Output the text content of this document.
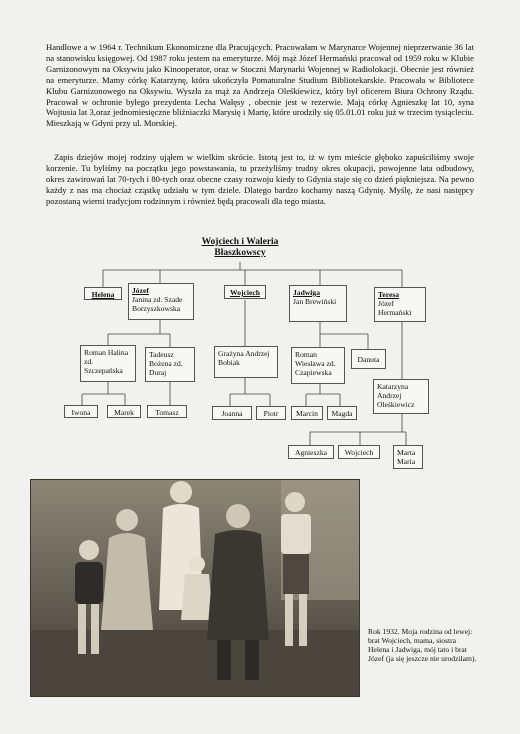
Handlowe a w 1964 r. Technikum Ekonomiczne dla Pracujących. Pracowałam w Marynarce Wojennej nieprzerwanie 36 lat na stanowisku księgowej. Od 1987 roku jestem na emeryturze. Mój mąż Józef Hermański pracował od 1959 roku w Klubie Garnizonowym na Oksywiu jako Kinooperator, oraz w Stoczni Marynarki Wojennej w Radiolokacji. Obecnie jest również na emeryturze. Mamy córkę Katarzynę, która ukończyła Pomaturalne Studium Bibliotekarskie. Pracowała w Bibliotece Klubu Garnizonowego na Oksywiu. Wyszła za mąż za Andrzeja Oleśkiewicz, który był oficerem Biura Ochrony Rządu. Pracował w ochronie byłego prezydenta Lecha Wałęsy , obecnie jest w rezerwie. Mają córkę Agnieszkę lat 10, syna Wojtusia lat 3,oraz jednomiesięczne bliźniaczki Marysię i Martę, które urodziły się 05.01.01 roku już w trzecim tysiącleciu. Mieszkają w Gdyni przy ul. Morskiej.

Zapis dziejów mojej rodziny ująłem w wielkim skrócie. Istotą jest to, iż w tym mieście głęboko zapuściliśmy swoje korzenie. Tu byliśmy na początku jego powstawania, tu przeżyliśmy trudny okres okupacji, powojenne lata odbudowy, okres zawirowań lat 70-tych i 80-tych oraz obecne czasy rozwoju kiedy to Gdynia staje się co dzień piękniejsza. Na pewno każdy z nas ma chociaż cząstkę udziału w tym dziele. Dlatego bardzo kochamy naszą Gdynię. Myślę, że nasi następcy pozostaną wierni tradycjom rodzinnym i również będą pracowali dla tego miasta.

Wojciech i Waleria
Błaszkowscy
Helena	Józef
Janina zd. Szade Borzyszkowska
Wojciech	Jadwiga
Jan Brewiński
Teresa
Józef Hermański
Roman Halina zd. Szczepańska
Tadeusz Bożena zd. Duraj
Grażyna Andrzej Bobiak
Roman Wiesława zd. Czapiewska
Danuta
Katarzyna Andrzej Oleśkiewicz
Iwona	Marek	Tomasz	Joanna	Piotr	Marcin	Magda
Agnieszka	Wojciech	Marta Maria
Rok 1932. Moja rodzina od lewej: brat Wojciech, mama, siostra Helena i Jadwiga, mój tato i brat Józef (ja się jeszcze nie urodziłam).
